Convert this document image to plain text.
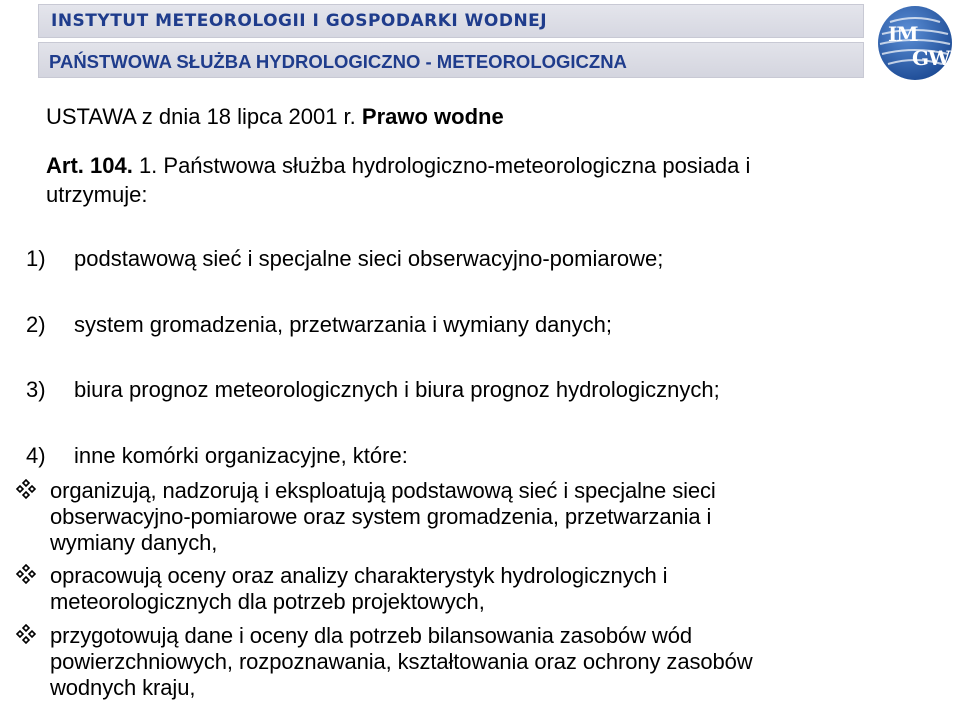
INSTYTUT METEOROLOGII I GOSPODARKI WODNEJ
PAŃSTWOWA SŁUŻBA HYDROLOGICZNO - METEOROLOGICZNA
IM
GW
USTAWA z dnia 18 lipca 2001 r. Prawo wodne
Art. 104. 1. Państwowa służba hydrologiczno-meteorologiczna posiada i
utrzymuje:
1) podstawową sieć i specjalne sieci obserwacyjno-pomiarowe;
2) system gromadzenia, przetwarzania i wymiany danych;
3) biura prognoz meteorologicznych i biura prognoz hydrologicznych;
4) inne komórki organizacyjne, które:
organizują, nadzorują i eksploatują podstawową sieć i specjalne sieci
obserwacyjno-pomiarowe oraz system gromadzenia, przetwarzania i
wymiany danych,
opracowują oceny oraz analizy charakterystyk hydrologicznych i
meteorologicznych dla potrzeb projektowych,
przygotowują dane i oceny dla potrzeb bilansowania zasobów wód
powierzchniowych, rozpoznawania, kształtowania oraz ochrony zasobów
wodnych kraju,
